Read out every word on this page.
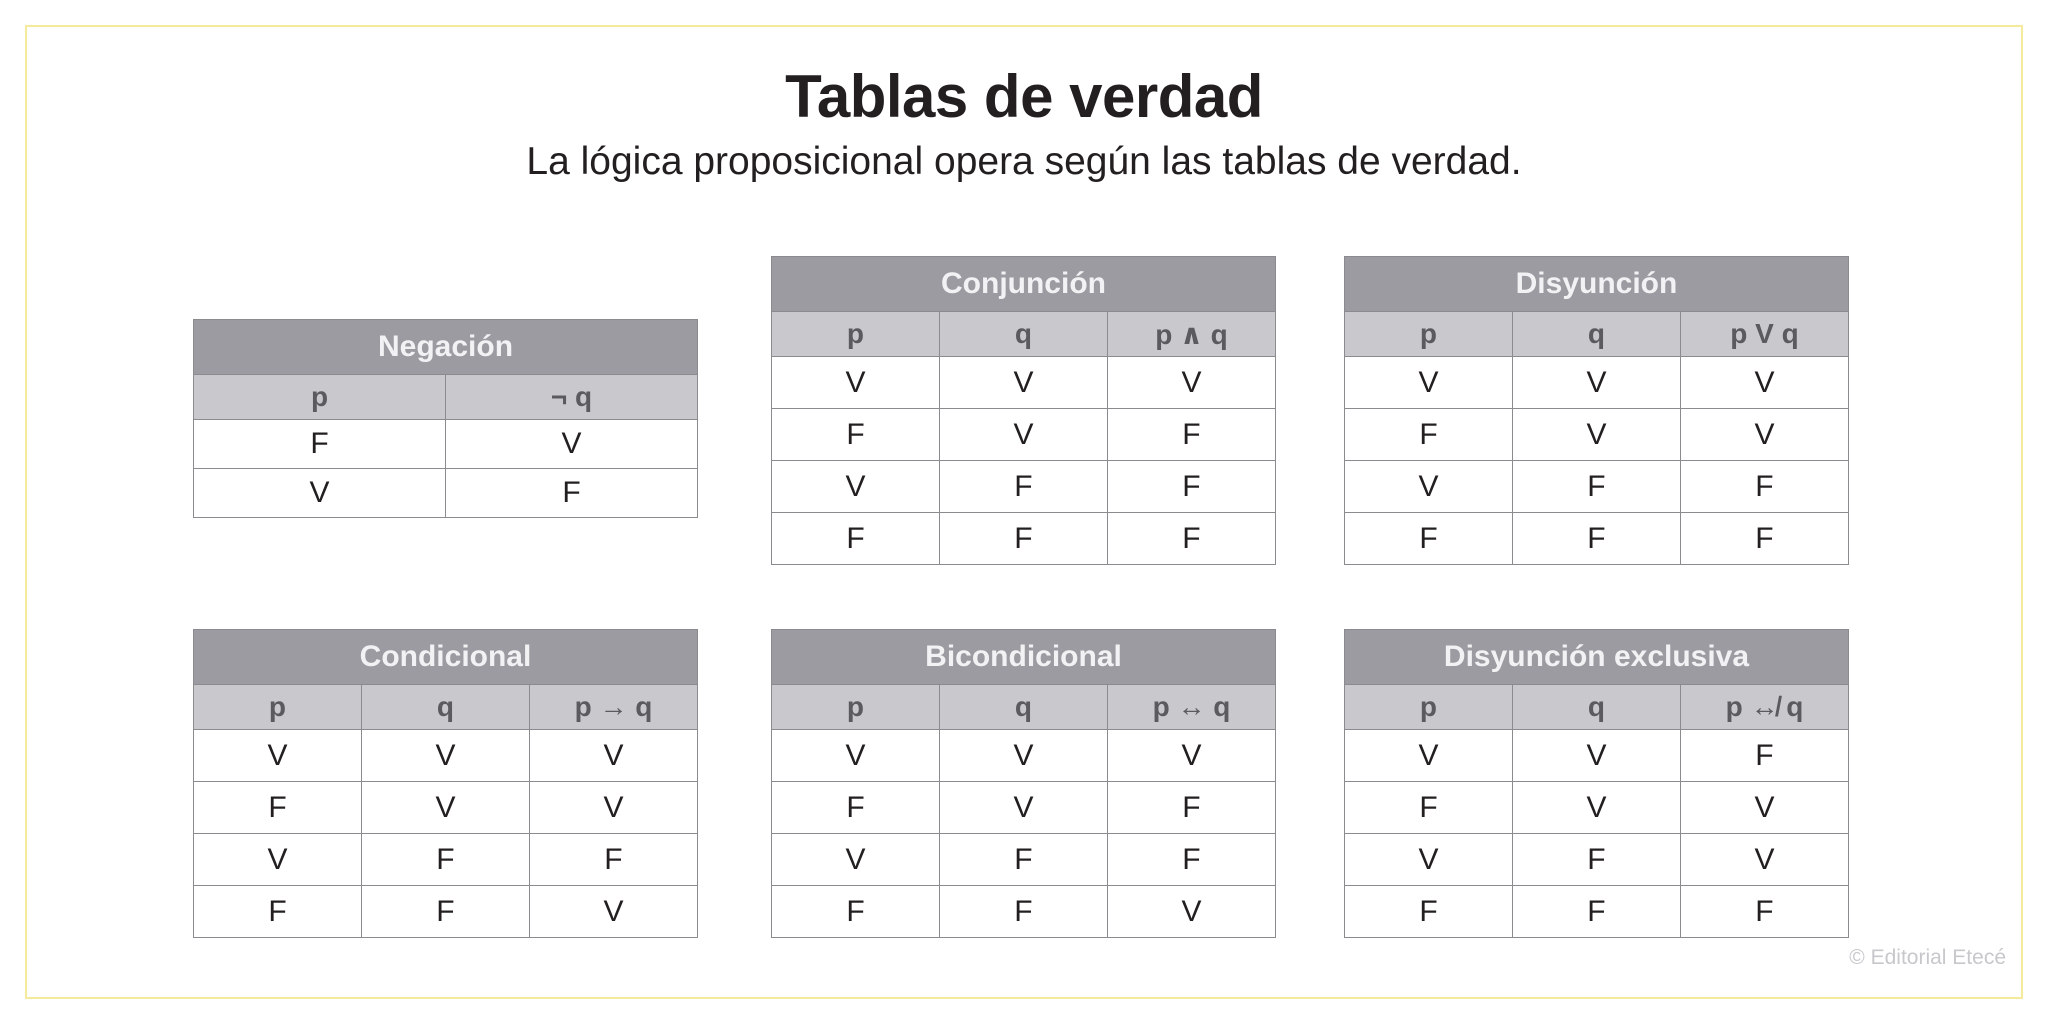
Tablas de verdad
La lógica proposicional opera según las tablas de verdad.
Negación	
p	¬ q
F	V
V	F
Conjunción		
p	q	p ∧ q
V	V	V
F	V	F
V	F	F
F	F	F
Disyunción		
p	q	p V q
V	V	V
F	V	V
V	F	F
F	F	F
Condicional		
p	q	p → q
V	V	V
F	V	V
V	F	F
F	F	V
Bicondicional		
p	q	p ↔ q
V	V	V
F	V	F
V	F	F
F	F	V
Disyunción exclusiva		
p	q	p ↮ q
V	V	F
F	V	V
V	F	V
F	F	F
© Editorial Etecé
